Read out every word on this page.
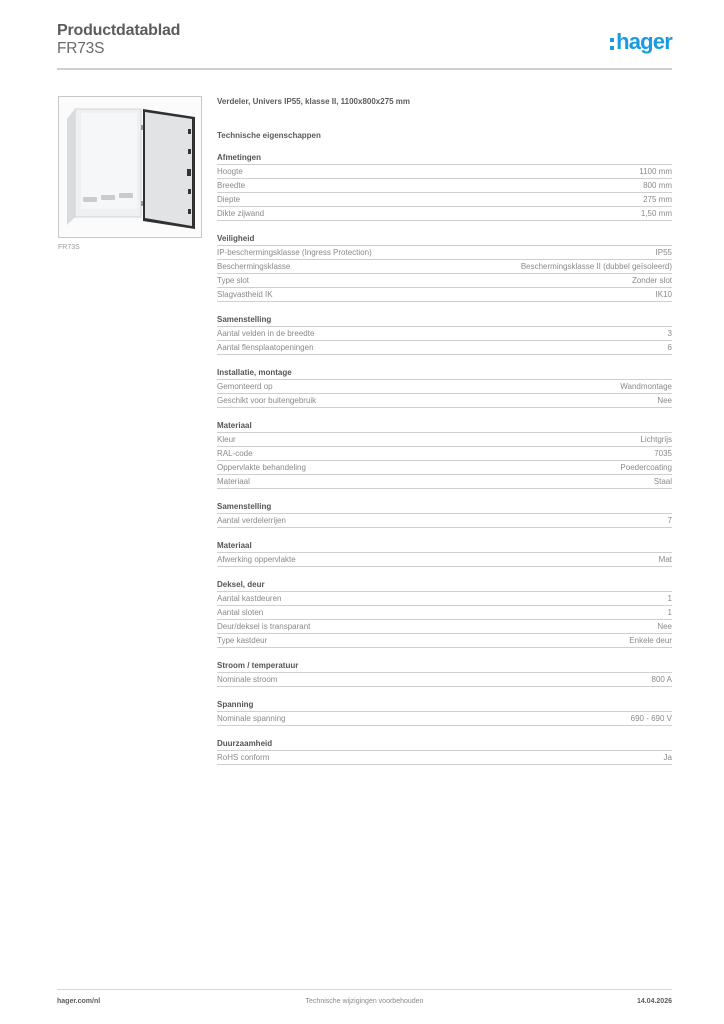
Productdatablad
FR73S	hager
FR73S
Verdeler, Univers IP55, klasse II, 1100x800x275 mm
Technische eigenschappen
Afmetingen
Hoogte	1100 mm
Breedte	800 mm
Diepte	275 mm
Dikte zijwand	1,50 mm
Veiligheid
IP-beschermingsklasse (Ingress Protection)	IP55
Beschermingsklasse	Beschermingsklasse II (dubbel geïsoleerd)
Type slot	Zonder slot
Slagvastheid IK	IK10
Samenstelling
Aantal velden in de breedte	3
Aantal flensplaatopeningen	6
Installatie, montage
Gemonteerd op	Wandmontage
Geschikt voor buitengebruik	Nee
Materiaal
Kleur	Lichtgrijs
RAL-code	7035
Oppervlakte behandeling	Poedercoating
Materiaal	Staal
Samenstelling
Aantal verdelerrijen	7
Materiaal
Afwerking oppervlakte	Mat
Deksel, deur
Aantal kastdeuren	1
Aantal sloten	1
Deur/deksel is transparant	Nee
Type kastdeur	Enkele deur
Stroom / temperatuur
Nominale stroom	800 A
Spanning
Nominale spanning	690 - 690 V
Duurzaamheid
RoHS conform	Ja
hager.com/nl	Technische wijzigingen voorbehouden	14.04.2026
